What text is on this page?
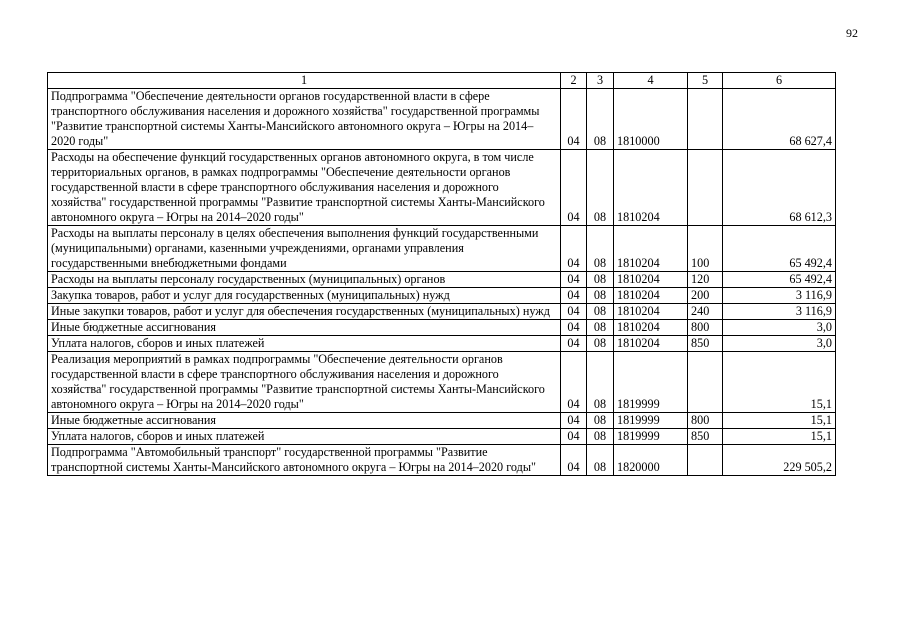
92
1	2	3	4	5	6
Подпрограмма "Обеспечение деятельности органов государственной власти в сфере транспортного обслуживания населения и дорожного хозяйства" государственной программы "Развитие транспортной системы Ханты-Мансийского автономного округа – Югры на 2014–2020 годы"	04	08	1810000		68 627,4
Расходы на обеспечение функций государственных органов автономного округа, в том числе территориальных органов, в рамках подпрограммы "Обеспечение деятельности органов государственной власти в сфере транспортного обслуживания населения и дорожного хозяйства" государственной программы "Развитие транспортной системы Ханты-Мансийского автономного округа – Югры на 2014–2020 годы"	04	08	1810204		68 612,3
Расходы на выплаты персоналу в целях обеспечения выполнения функций государственными (муниципальными) органами, казенными учреждениями, органами управления государственными внебюджетными фондами	04	08	1810204	100	65 492,4
Расходы на выплаты персоналу государственных (муниципальных) органов	04	08	1810204	120	65 492,4
Закупка товаров, работ и услуг для государственных (муниципальных) нужд	04	08	1810204	200	3 116,9
Иные закупки товаров, работ и услуг для обеспечения государственных (муниципальных) нужд	04	08	1810204	240	3 116,9
Иные бюджетные ассигнования	04	08	1810204	800	3,0
Уплата налогов, сборов и иных платежей	04	08	1810204	850	3,0
Реализация мероприятий в рамках подпрограммы "Обеспечение деятельности органов государственной власти в сфере транспортного обслуживания населения и дорожного хозяйства" государственной программы "Развитие транспортной системы Ханты-Мансийского автономного округа – Югры на 2014–2020 годы"	04	08	1819999		15,1
Иные бюджетные ассигнования	04	08	1819999	800	15,1
Уплата налогов, сборов и иных платежей	04	08	1819999	850	15,1
Подпрограмма "Автомобильный транспорт" государственной программы "Развитие транспортной системы Ханты-Мансийского автономного округа – Югры на 2014–2020 годы"	04	08	1820000		229 505,2
